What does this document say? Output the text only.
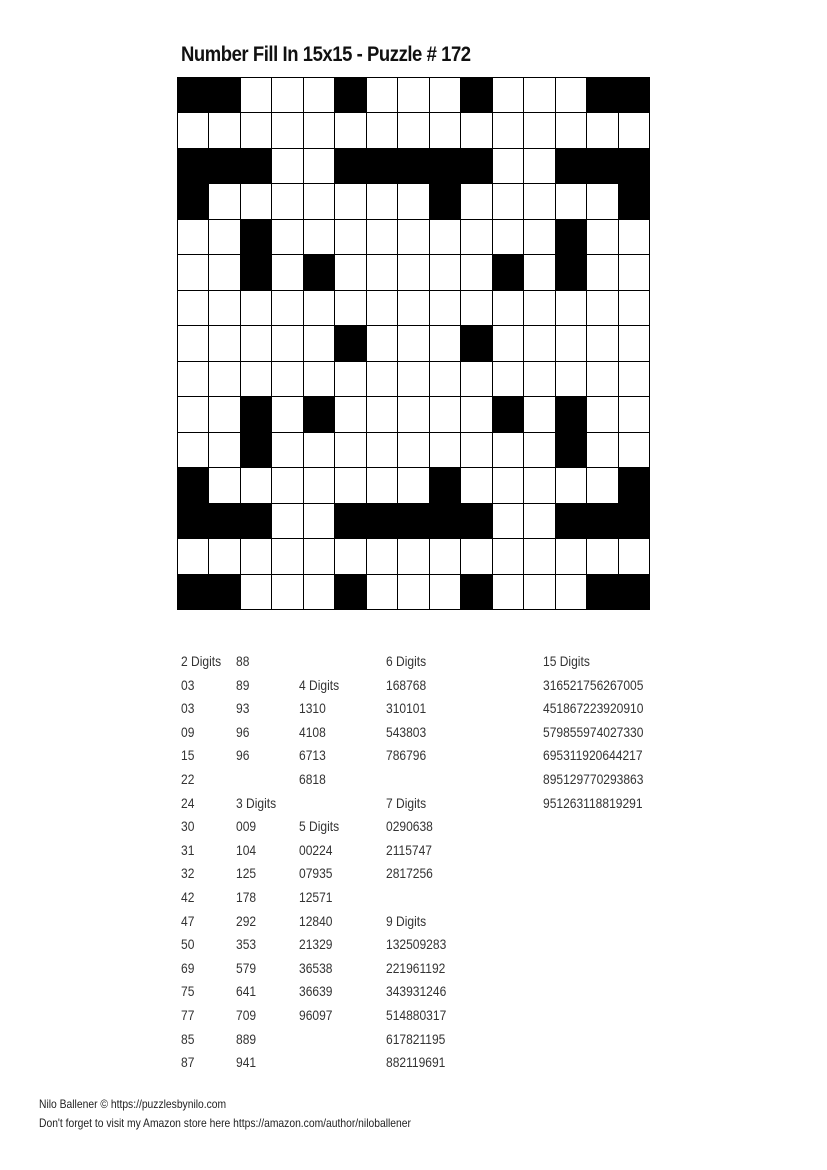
Number Fill In 15x15 - Puzzle # 172
2 Digits
03
03
09
15
22
24
30
31
32
42
47
50
69
75
77
85
87
88
89
93
96
96
3 Digits
009
104
125
178
292
353
579
641
709
889
941
4 Digits
1310
4108
6713
6818
5 Digits
00224
07935
12571
12840
21329
36538
36639
96097
6 Digits
168768
310101
543803
786796
7 Digits
0290638
2115747
2817256
9 Digits
132509283
221961192
343931246
514880317
617821195
882119691
15 Digits
316521756267005
451867223920910
579855974027330
695311920644217
895129770293863
951263118819291
Nilo Ballener © https://puzzlesbynilo.com
Don't forget to visit my Amazon store here https://amazon.com/author/niloballener
